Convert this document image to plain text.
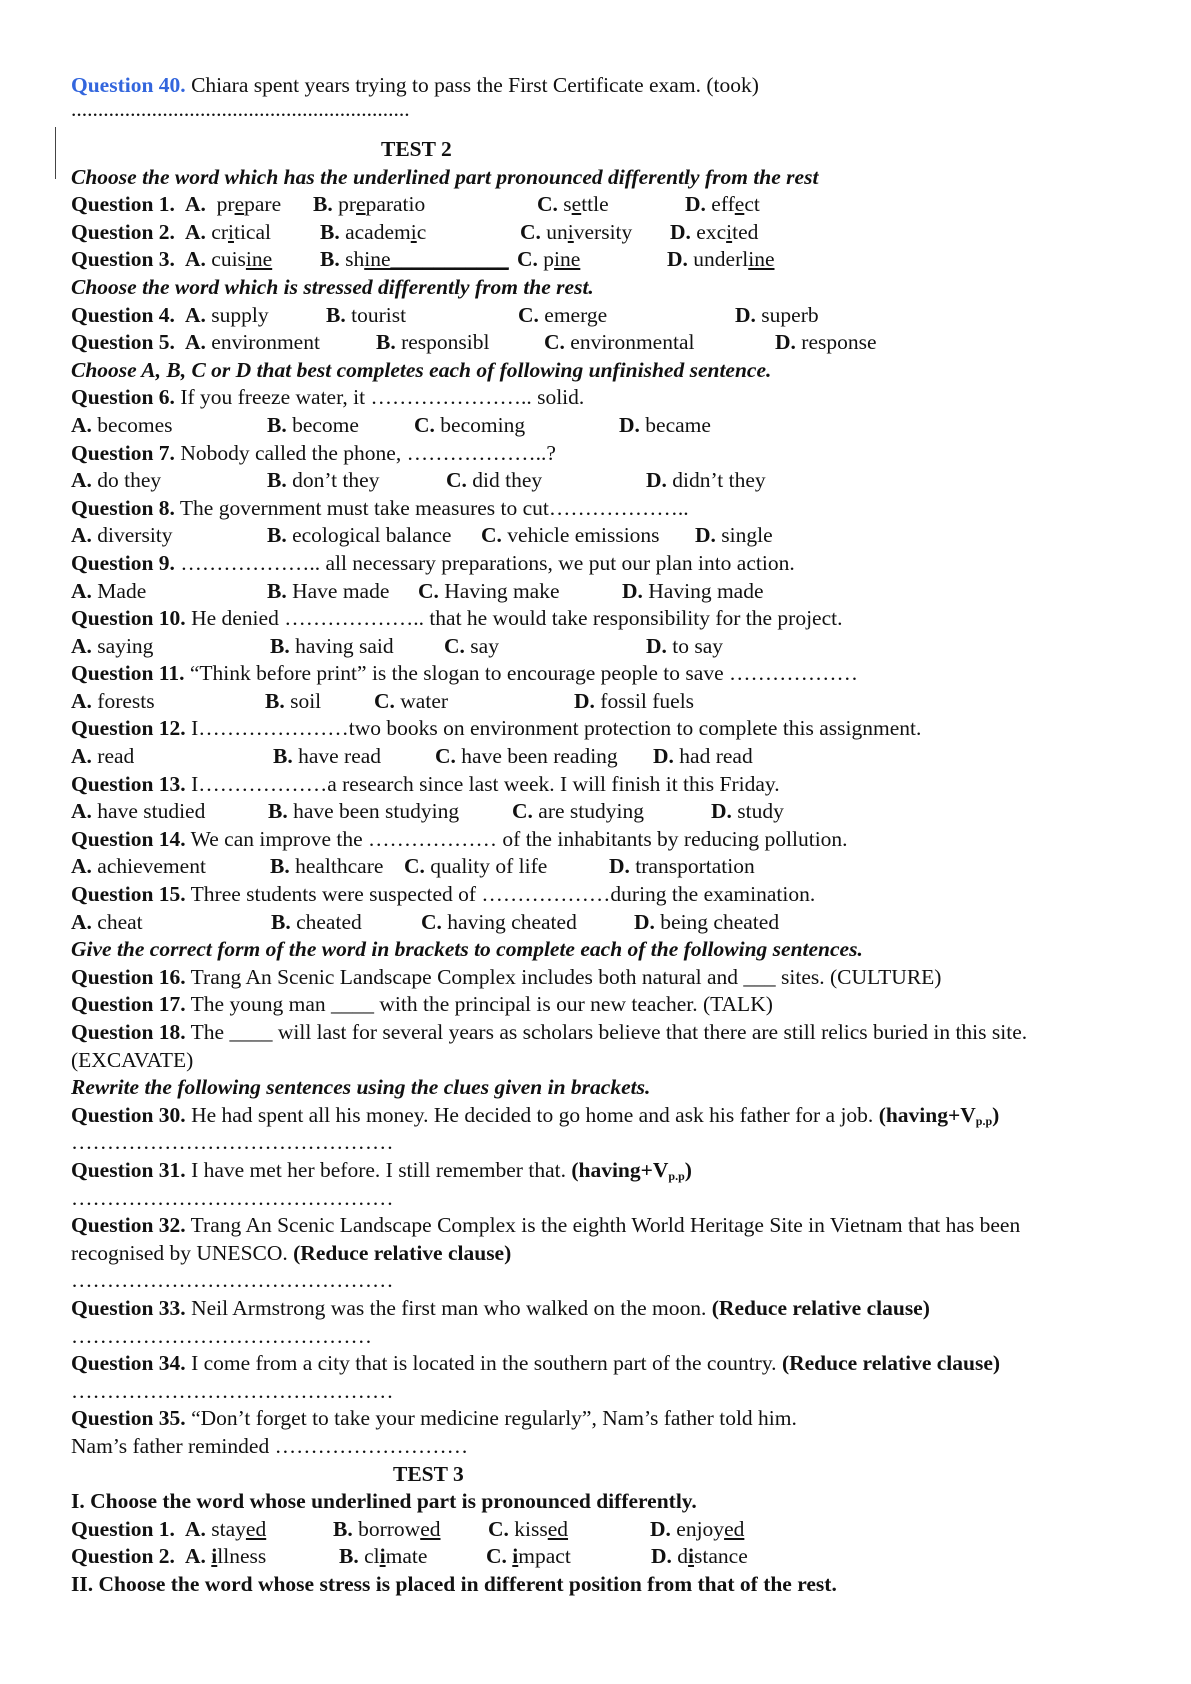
Question 40. Chiara spent years trying to pass the First Certificate exam. (took)
...............................................................
TEST 2
Choose the word which has the underlined part pronounced differently from the rest
Question 1. A. prepare B. preparatio	C. settle	D. effect
Question 2. A. critical B. academic	C. university D. excited
Question 3. A. cuisine B. shine___________ C. pine	D. underline
Choose the word which is stressed differently from the rest.
Question 4. A. supply	B. tourist	C. emerge	D. superb
Question 5. A. environment	B. responsibl	C. environmental	D. response
Choose A, B, C or D that best completes each of following unfinished sentence.
Question 6. If you freeze water, it ………………….. solid.
A. becomes	B. become	C. becoming	D. became
Question 7. Nobody called the phone, ………………..?
A. do they	B. don’t they	C. did they	D. didn’t they
Question 8. The government must take measures to cut………………..
A. diversity	B. ecological balance C. vehicle emissions D. single
Question 9. ……………….. all necessary preparations, we put our plan into action.
A. Made	B. Have made C. Having make	D. Having made
Question 10. He denied ……………….. that he would take responsibility for the project.
A. saying	B. having said C. say	D. to say
Question 11. “Think before print” is the slogan to encourage people to save ………………
A. forests	B. soil C. water	D. fossil fuels
Question 12. I…………………two books on environment protection to complete this assignment.
A. read	B. have read	C. have been reading D. had read
Question 13. I………………a research since last week. I will finish it this Friday.
A. have studied	B. have been studying C. are studying	D. study
Question 14. We can improve the ……………… of the inhabitants by reducing pollution.
A. achievement	B. healthcare C. quality of life	D. transportation
Question 15. Three students were suspected of ………………during the examination.
A. cheat	B. cheated	C. having cheated	D. being cheated
Give the correct form of the word in brackets to complete each of the following sentences.
Question 16. Trang An Scenic Landscape Complex includes both natural and ___ sites. (CULTURE)
Question 17. The young man ____ with the principal is our new teacher. (TALK)
Question 18. The ____ will last for several years as scholars believe that there are still relics buried in this site.
(EXCAVATE)
Rewrite the following sentences using the clues given in brackets.
Question 30. He had spent all his money. He decided to go home and ask his father for a job. $(having+V_{p.p})$
………………………………………
Question 31. I have met her before. I still remember that. $(having+V_{p.p})$
………………………………………
Question 32. Trang An Scenic Landscape Complex is the eighth World Heritage Site in Vietnam that has been
recognised by UNESCO. (Reduce relative clause)
………………………………………
Question 33. Neil Armstrong was the first man who walked on the moon. (Reduce relative clause)
……………………………………
Question 34. I come from a city that is located in the southern part of the country. (Reduce relative clause)
………………………………………
Question 35. “Don’t forget to take your medicine regularly”, Nam’s father told him.
Nam’s father reminded ………………………
TEST 3
I. Choose the word whose underlined part is pronounced differently.
Question 1. A. stayed	B. borrowed C. kissed	D. enjoyed
Question 2. A. illness	B. climate	C. impact	D. distance
II. Choose the word whose stress is placed in different position from that of the rest.
